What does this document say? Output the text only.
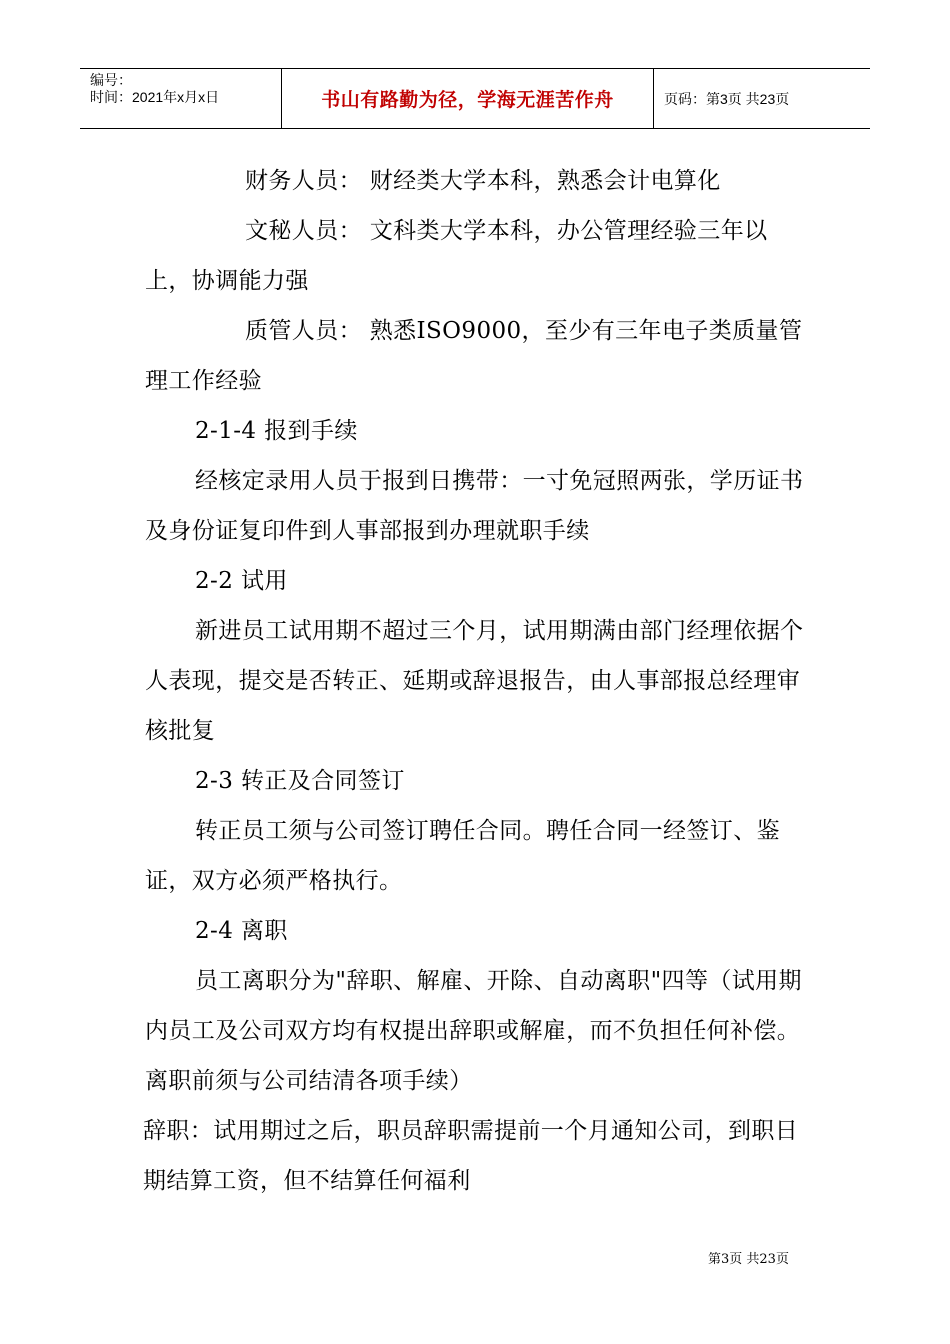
编号：
时间：2021年x月x日	书山有路勤为径，学海无涯苦作舟	页码：第3页 共23页

财务人员： 财经类大学本科，熟悉会计电算化

文秘人员： 文科类大学本科，办公管理经验三年以上，协调能力强

质管人员： 熟悉ISO9000，至少有三年电子类质量管理工作经验

2-1-4 报到手续

经核定录用人员于报到日携带：一寸免冠照两张，学历证书及身份证复印件到人事部报到办理就职手续

2-2 试用

新进员工试用期不超过三个月，试用期满由部门经理依据个人表现，提交是否转正、延期或辞退报告，由人事部报总经理审核批复

2-3 转正及合同签订

转正员工须与公司签订聘任合同。聘任合同一经签订、鉴证，双方必须严格执行。

2-4 离职

员工离职分为"辞职、解雇、开除、自动离职"四等（试用期内员工及公司双方均有权提出辞职或解雇，而不负担任何补偿。离职前须与公司结清各项手续）

辞职：试用期过之后，职员辞职需提前一个月通知公司，到职日期结算工资，但不结算任何福利

第3页 共23页
